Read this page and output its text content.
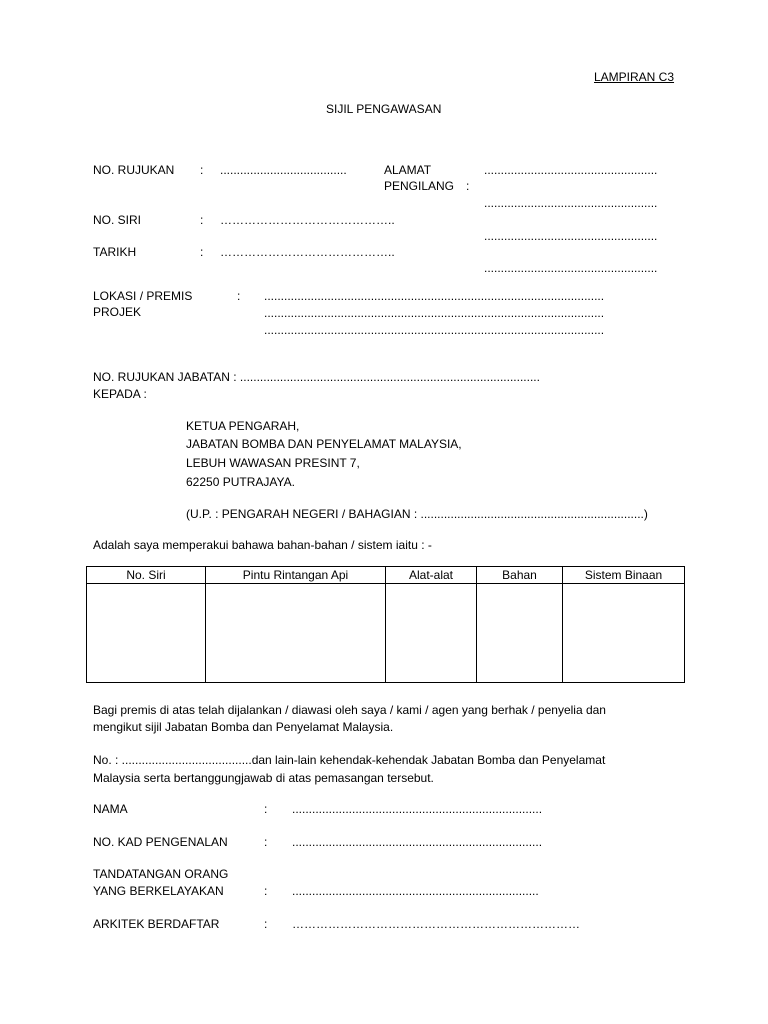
LAMPIRAN C3
SIJIL PENGAWASAN
NO. RUJUKAN : ......................................
NO. SIRI	: ……………………………………..
TARIKH	: ……………………………………..
ALAMAT
PENGILANG :
....................................................
....................................................
....................................................
....................................................
LOKASI / PREMIS
PROJEK
: ......................................................................................................
......................................................................................................
......................................................................................................
NO. RUJUKAN JABATAN : ..........................................................................................
KEPADA :
KETUA PENGARAH,
JABATAN BOMBA DAN PENYELAMAT MALAYSIA,
LEBUH WAWASAN PRESINT 7,
62250 PUTRAJAYA.
(U.P. : PENGARAH NEGERI / BAHAGIAN : ...................................................................)
Adalah saya memperakui bahawa bahan-bahan / sistem iaitu : -
No. Siri	Pintu Rintangan Api	Alat-alat	Bahan	Sistem Binaan

Bagi premis di atas telah dijalankan / diawasi oleh saya / kami / agen yang berhak / penyelia dan
mengikut sijil Jabatan Bomba dan Penyelamat Malaysia.
No. : .......................................dan lain-lain kehendak-kehendak Jabatan Bomba dan Penyelamat
Malaysia serta bertanggungjawab di atas pemasangan tersebut.
NAMA	: ...........................................................................
NO. KAD PENGENALAN	: ...........................................................................
TANDATANGAN ORANG
YANG BERKELAYAKAN	: ..........................................................................
ARKITEK BERDAFTAR	: ………………………………………………………………
